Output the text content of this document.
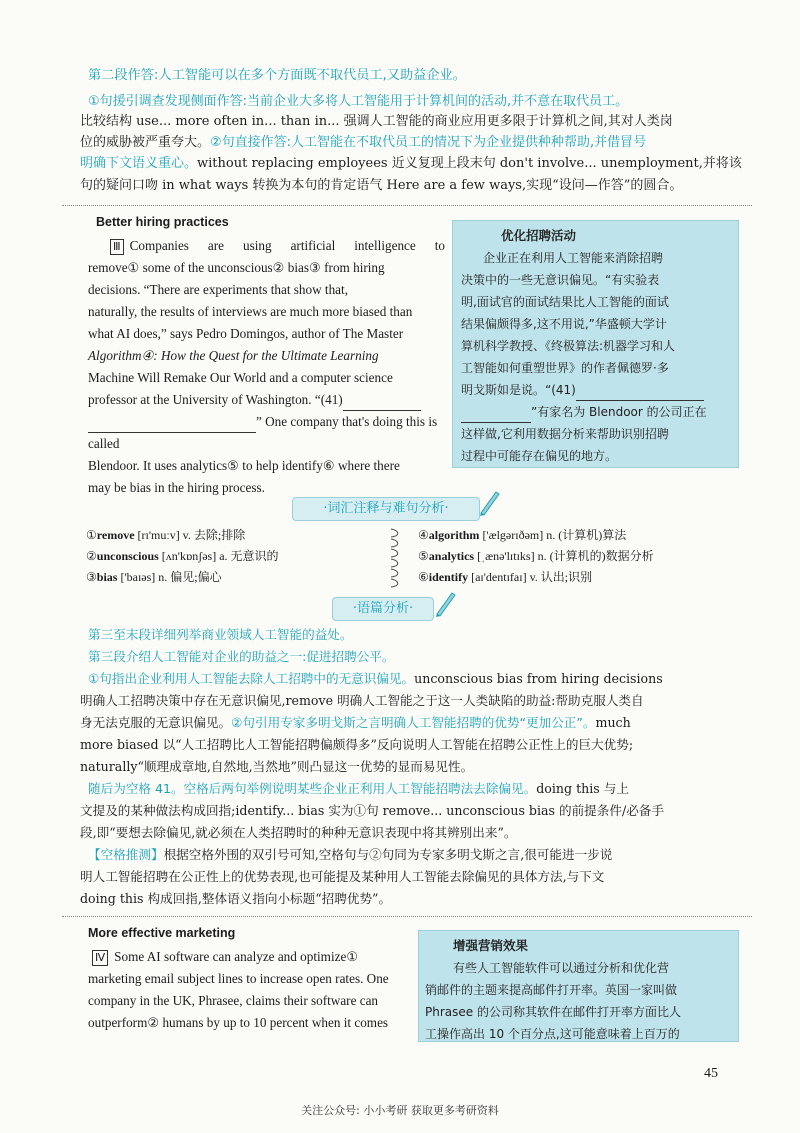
第二段作答:人工智能可以在多个方面既不取代员工,又助益企业。
①句援引调查发现侧面作答:当前企业大多将人工智能用于计算机间的活动,并不意在取代员工。
比较结构 use... more often in... than in... 强调人工智能的商业应用更多限于计算机之间,其对人类岗
位的威胁被严重夸大。②句直接作答:人工智能在不取代员工的情况下为企业提供种种帮助,并借冒号
明确下文语义重心。without replacing employees 近义复现上段末句 don't involve... unemployment,并将该
句的疑问口吻 in what ways 转换为本句的肯定语气 Here are a few ways,实现“设问—作答”的圆合。
Better hiring practices
Ⅲ Companies are using artificial intelligence to
remove① some of the unconscious② bias③ from hiring
decisions. “There are experiments that show that,
naturally, the results of interviews are much more biased than
what AI does,” says Pedro Domingos, author of The Master
Algorithm④: How the Quest for the Ultimate Learning
Machine Will Remake Our World and a computer science
professor at the University of Washington. “(41)
” One company that's doing this is called
Blendoor. It uses analytics⑤ to help identify⑥ where there
may be bias in the hiring process.
优化招聘活动
企业正在利用人工智能来消除招聘
决策中的一些无意识偏见。“有实验表
明,面试官的面试结果比人工智能的面试
结果偏颇得多,这不用说,”华盛顿大学计
算机科学教授、《终极算法:机器学习和人
工智能如何重塑世界》的作者佩德罗·多
明戈斯如是说。“(41)
”有家名为 Blendoor 的公司正在
这样做,它利用数据分析来帮助识别招聘
过程中可能存在偏见的地方。
·词汇注释与难句分析·
①remove [rɪ'muːv] v. 去除;排除
②unconscious [ʌn'kɒnʃəs] a. 无意识的
③bias ['baɪəs] n. 偏见;偏心
④algorithm ['ælgərɪðəm] n. (计算机)算法
⑤analytics [ˌænə'lɪtɪks] n. (计算机的)数据分析
⑥identify [aɪ'dentɪfaɪ] v. 认出;识别
·语篇分析·
第三至末段详细列举商业领域人工智能的益处。
第三段介绍人工智能对企业的助益之一:促进招聘公平。
①句指出企业利用人工智能去除人工招聘中的无意识偏见。unconscious bias from hiring decisions
明确人工招聘决策中存在无意识偏见,remove 明确人工智能之于这一人类缺陷的助益:帮助克服人类自
身无法克服的无意识偏见。②句引用专家多明戈斯之言明确人工智能招聘的优势“更加公正”。much
more biased 以“人工招聘比人工智能招聘偏颇得多”反向说明人工智能在招聘公正性上的巨大优势;
naturally“顺理成章地,自然地,当然地”则凸显这一优势的显而易见性。
随后为空格 41。空格后两句举例说明某些企业正利用人工智能招聘法去除偏见。doing this 与上
文提及的某种做法构成回指;identify... bias 实为①句 remove... unconscious bias 的前提条件/必备手
段,即“要想去除偏见,就必须在人类招聘时的种种无意识表现中将其辨别出来”。
【空格推测】根据空格外围的双引号可知,空格句与②句同为专家多明戈斯之言,很可能进一步说
明人工智能招聘在公正性上的优势表现,也可能提及某种用人工智能去除偏见的具体方法,与下文
doing this 构成回指,整体语义指向小标题“招聘优势”。
More effective marketing
Ⅳ Some AI software can analyze and optimize①
marketing email subject lines to increase open rates. One
company in the UK, Phrasee, claims their software can
outperform② humans by up to 10 percent when it comes
增强营销效果
有些人工智能软件可以通过分析和优化营
销邮件的主题来提高邮件打开率。英国一家叫做
Phrasee 的公司称其软件在邮件打开率方面比人
工操作高出 10 个百分点,这可能意味着上百万的
45
关注公众号: 小小考研 获取更多考研资料
